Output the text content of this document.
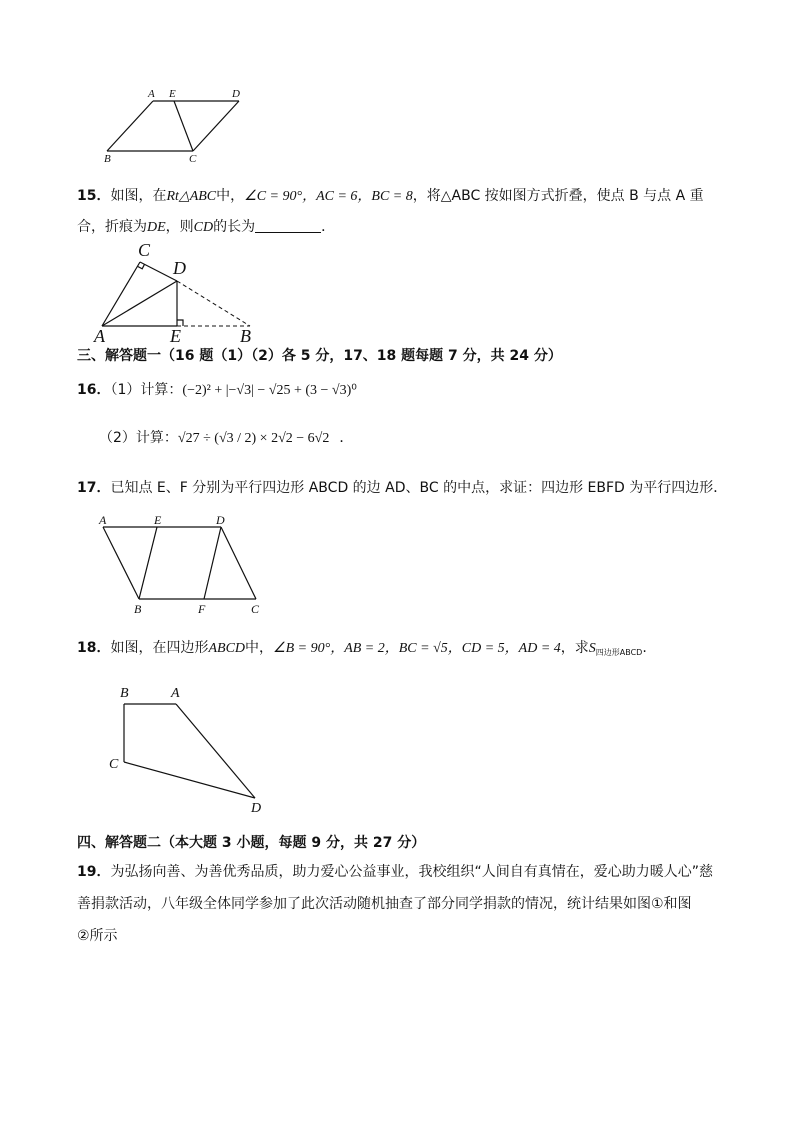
A E	D
B	C
15．如图，在Rt△ABC中，∠C = 90°，AC = 6，BC = 8，将△ABC 按如图方式折叠，使点 B 与点 A 重
合，折痕为DE，则CD的长为	．
C
D
A	E	B
三、解答题一（16 题（1）（2）各 5 分，17、18 题每题 7 分，共 24 分）
16．（1）计算：(−2)² + |−√3| − √25 + (3 − √3)⁰
（2）计算：√27 ÷ (√3 / 2) × 2√2 − 6√2 ．
17．已知点 E、F 分别为平行四边形 ABCD 的边 AD、BC 的中点，求证：四边形 EBFD 为平行四边形．
A	E	D
B	F	C
18．如图，在四边形ABCD中，∠B = 90°，AB = 2，BC = √5，CD = 5，AD = 4，求$S_{四边形ABCD}$.
B	A
C
D
四、解答题二（本大题 3 小题，每题 9 分，共 27 分）
19．为弘扬向善、为善优秀品质，助力爱心公益事业，我校组织“人间自有真情在，爱心助力暖人心”慈
善捐款活动，八年级全体同学参加了此次活动随机抽查了部分同学捐款的情况，统计结果如图①和图
②所示
